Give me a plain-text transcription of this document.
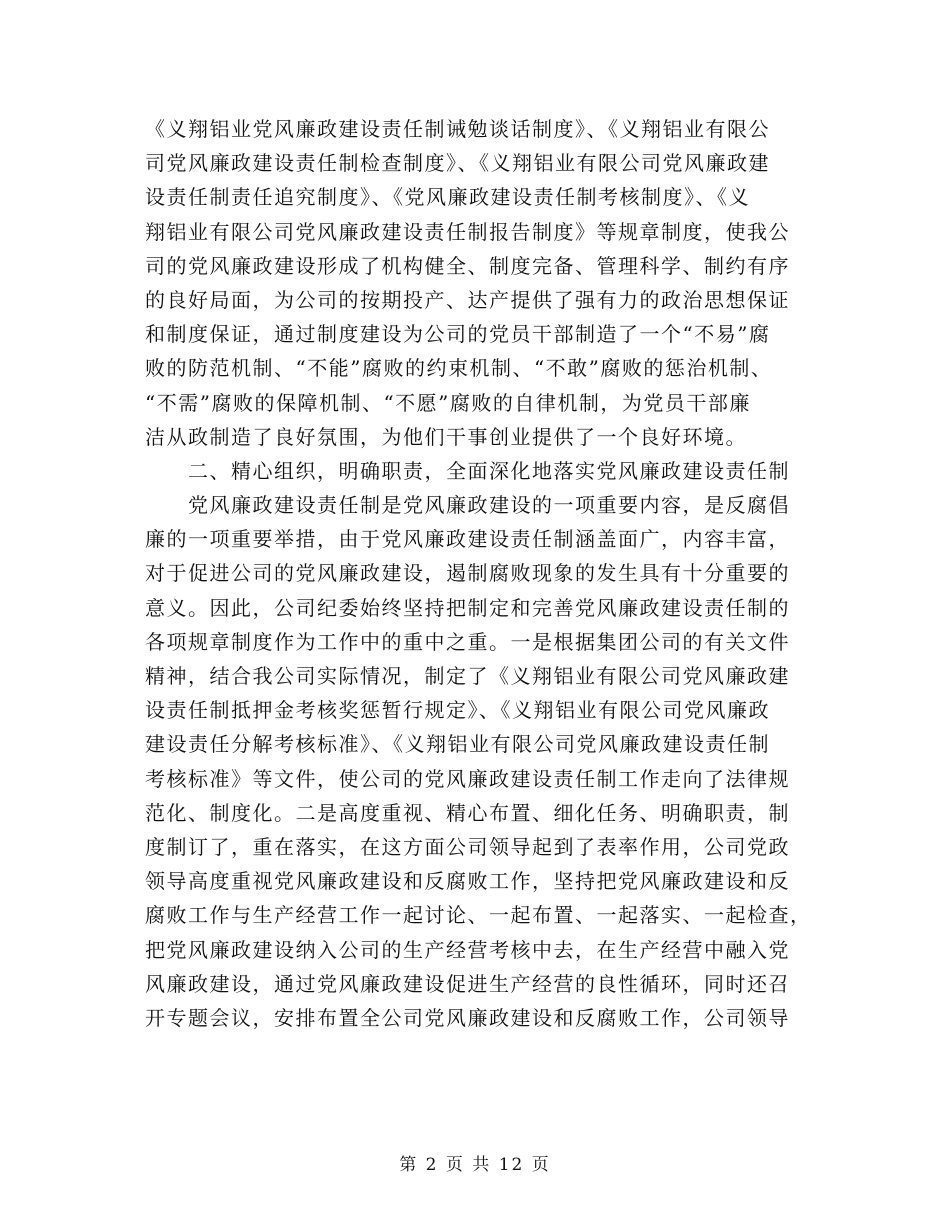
《义翔铝业党风廉政建设责任制诫勉谈话制度》、《义翔铝业有限公
司党风廉政建设责任制检查制度》、《义翔铝业有限公司党风廉政建
设责任制责任追究制度》、《党风廉政建设责任制考核制度》、《义
翔铝业有限公司党风廉政建设责任制报告制度》等规章制度，使我公
司的党风廉政建设形成了机构健全、制度完备、管理科学、制约有序
的良好局面，为公司的按期投产、达产提供了强有力的政治思想保证
和制度保证，通过制度建设为公司的党员干部制造了一个“不易”腐
败的防范机制、“不能”腐败的约束机制、“不敢”腐败的惩治机制、
“不需”腐败的保障机制、“不愿”腐败的自律机制，为党员干部廉
洁从政制造了良好氛围，为他们干事创业提供了一个良好环境。
　　二、精心组织，明确职责，全面深化地落实党风廉政建设责任制
　　党风廉政建设责任制是党风廉政建设的一项重要内容，是反腐倡
廉的一项重要举措，由于党风廉政建设责任制涵盖面广，内容丰富，
对于促进公司的党风廉政建设，遏制腐败现象的发生具有十分重要的
意义。因此，公司纪委始终坚持把制定和完善党风廉政建设责任制的
各项规章制度作为工作中的重中之重。一是根据集团公司的有关文件
精神，结合我公司实际情况，制定了《义翔铝业有限公司党风廉政建
设责任制抵押金考核奖惩暂行规定》、《义翔铝业有限公司党风廉政
建设责任分解考核标准》、《义翔铝业有限公司党风廉政建设责任制
考核标准》等文件，使公司的党风廉政建设责任制工作走向了法律规
范化、制度化。二是高度重视、精心布置、细化任务、明确职责，制
度制订了，重在落实，在这方面公司领导起到了表率作用，公司党政
领导高度重视党风廉政建设和反腐败工作，坚持把党风廉政建设和反
腐败工作与生产经营工作一起讨论、一起布置、一起落实、一起检查，
把党风廉政建设纳入公司的生产经营考核中去，在生产经营中融入党
风廉政建设，通过党风廉政建设促进生产经营的良性循环，同时还召
开专题会议，安排布置全公司党风廉政建设和反腐败工作，公司领导
第 2 页 共 12 页
